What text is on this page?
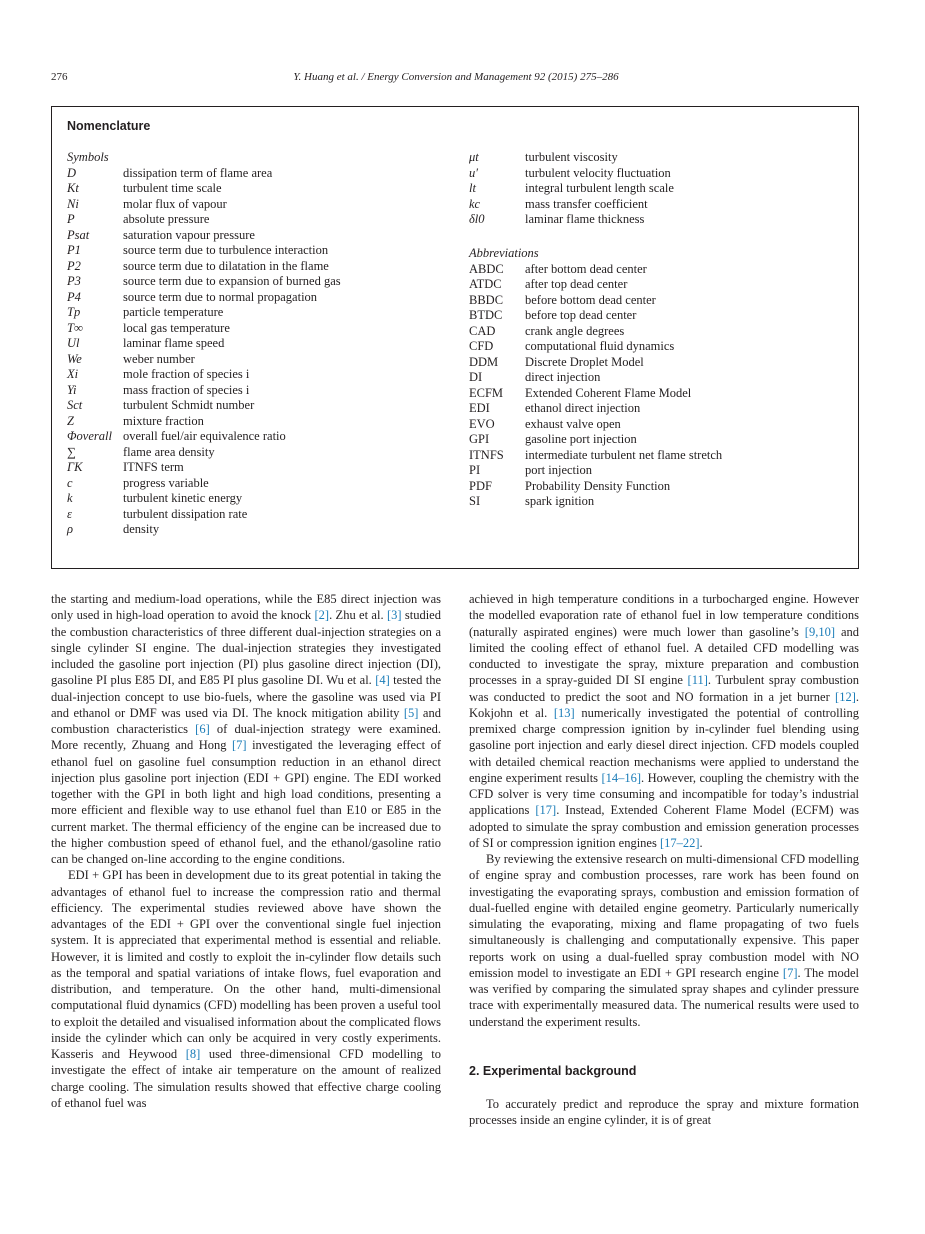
276	Y. Huang et al. / Energy Conversion and Management 92 (2015) 275–286
Nomenclature
Symbols
D	dissipation term of flame area
Kt	turbulent time scale
Ni	molar flux of vapour
P	absolute pressure
Psat	saturation vapour pressure
P1	source term due to turbulence interaction
P2	source term due to dilatation in the flame
P3	source term due to expansion of burned gas
P4	source term due to normal propagation
Tp	particle temperature
T∞	local gas temperature
Ul	laminar flame speed
We	weber number
Xi	mole fraction of species i
Yi	mass fraction of species i
Sct	turbulent Schmidt number
Z	mixture fraction
Φoverall overall fuel/air equivalence ratio
∑	flame area density
ΓK	ITNFS term
c	progress variable
k	turbulent kinetic energy
ε	turbulent dissipation rate
ρ	density
μt	turbulent viscosity
u′	turbulent velocity fluctuation
lt	integral turbulent length scale
kc	mass transfer coefficient
δl0	laminar flame thickness
Abbreviations
ABDC	after bottom dead center
ATDC	after top dead center
BBDC	before bottom dead center
BTDC	before top dead center
CAD	crank angle degrees
CFD	computational fluid dynamics
DDM	Discrete Droplet Model
DI	direct injection
ECFM	Extended Coherent Flame Model
EDI	ethanol direct injection
EVO	exhaust valve open
GPI	gasoline port injection
ITNFS	intermediate turbulent net flame stretch
PI	port injection
PDF	Probability Density Function
SI	spark ignition

the starting and medium-load operations, while the E85 direct injection was only used in high-load operation to avoid the knock [2]. Zhu et al. [3] studied the combustion characteristics of three different dual-injection strategies on a single cylinder SI engine. The dual-injection strategies they investigated included the gasoline port injection (PI) plus gasoline direct injection (DI), gasoline PI plus E85 DI, and E85 PI plus gasoline DI. Wu et al. [4] tested the dual-injection concept to use bio-fuels, where the gasoline was used via PI and ethanol or DMF was used via DI. The knock mitigation ability [5] and combustion characteristics [6] of dual-injection strategy were examined. More recently, Zhuang and Hong [7] investigated the leveraging effect of ethanol fuel on gasoline fuel consumption reduction in an ethanol direct injection plus gasoline port injection (EDI + GPI) engine. The EDI worked together with the GPI in both light and high load conditions, presenting a more efficient and flexible way to use ethanol fuel than E10 or E85 in the current market. The thermal efficiency of the engine can be increased due to the higher combustion speed of ethanol fuel, and the ethanol/gasoline ratio can be changed on-line according to the engine conditions.

EDI + GPI has been in development due to its great potential in taking the advantages of ethanol fuel to increase the compression ratio and thermal efficiency. The experimental studies reviewed above have shown the advantages of the EDI + GPI over the conventional single fuel injection system. It is appreciated that experimental method is essential and reliable. However, it is limited and costly to exploit the in-cylinder flow details such as the temporal and spatial variations of intake flows, fuel evaporation and distribution, and temperature. On the other hand, multi-dimensional computational fluid dynamics (CFD) modelling has been proven a useful tool to exploit the detailed and visualised information about the complicated flows inside the cylinder which can only be acquired in very costly experiments. Kasseris and Heywood [8] used three-dimensional CFD modelling to investigate the effect of intake air temperature on the amount of realized charge cooling. The simulation results showed that effective charge cooling of ethanol fuel was

achieved in high temperature conditions in a turbocharged engine. However the modelled evaporation rate of ethanol fuel in low temperature conditions (naturally aspirated engines) were much lower than gasoline’s [9,10] and limited the cooling effect of ethanol fuel. A detailed CFD modelling was conducted to investigate the spray, mixture preparation and combustion processes in a spray-guided DI SI engine [11]. Turbulent spray combustion was conducted to predict the soot and NO formation in a jet burner [12]. Kokjohn et al. [13] numerically investigated the potential of controlling premixed charge compression ignition by in-cylinder fuel blending using gasoline port injection and early diesel direct injection. CFD models coupled with detailed chemical reaction mechanisms were applied to understand the engine experiment results [14–16]. However, coupling the chemistry with the CFD solver is very time consuming and incompatible for today’s industrial applications [17]. Instead, Extended Coherent Flame Model (ECFM) was adopted to simulate the spray combustion and emission generation processes of SI or compression ignition engines [17–22].

By reviewing the extensive research on multi-dimensional CFD modelling of engine spray and combustion processes, rare work has been found on investigating the evaporating sprays, combustion and emission formation of dual-fuelled engine with detailed engine geometry. Particularly numerically simulating the evaporating, mixing and flame propagating of two fuels simultaneously is challenging and computationally expensive. This paper reports work on using a dual-fuelled spray combustion model with NO emission model to investigate an EDI + GPI research engine [7]. The model was verified by comparing the simulated spray shapes and cylinder pressure trace with experimentally measured data. The numerical results were used to understand the experiment results.

2. Experimental background

To accurately predict and reproduce the spray and mixture formation processes inside an engine cylinder, it is of great
